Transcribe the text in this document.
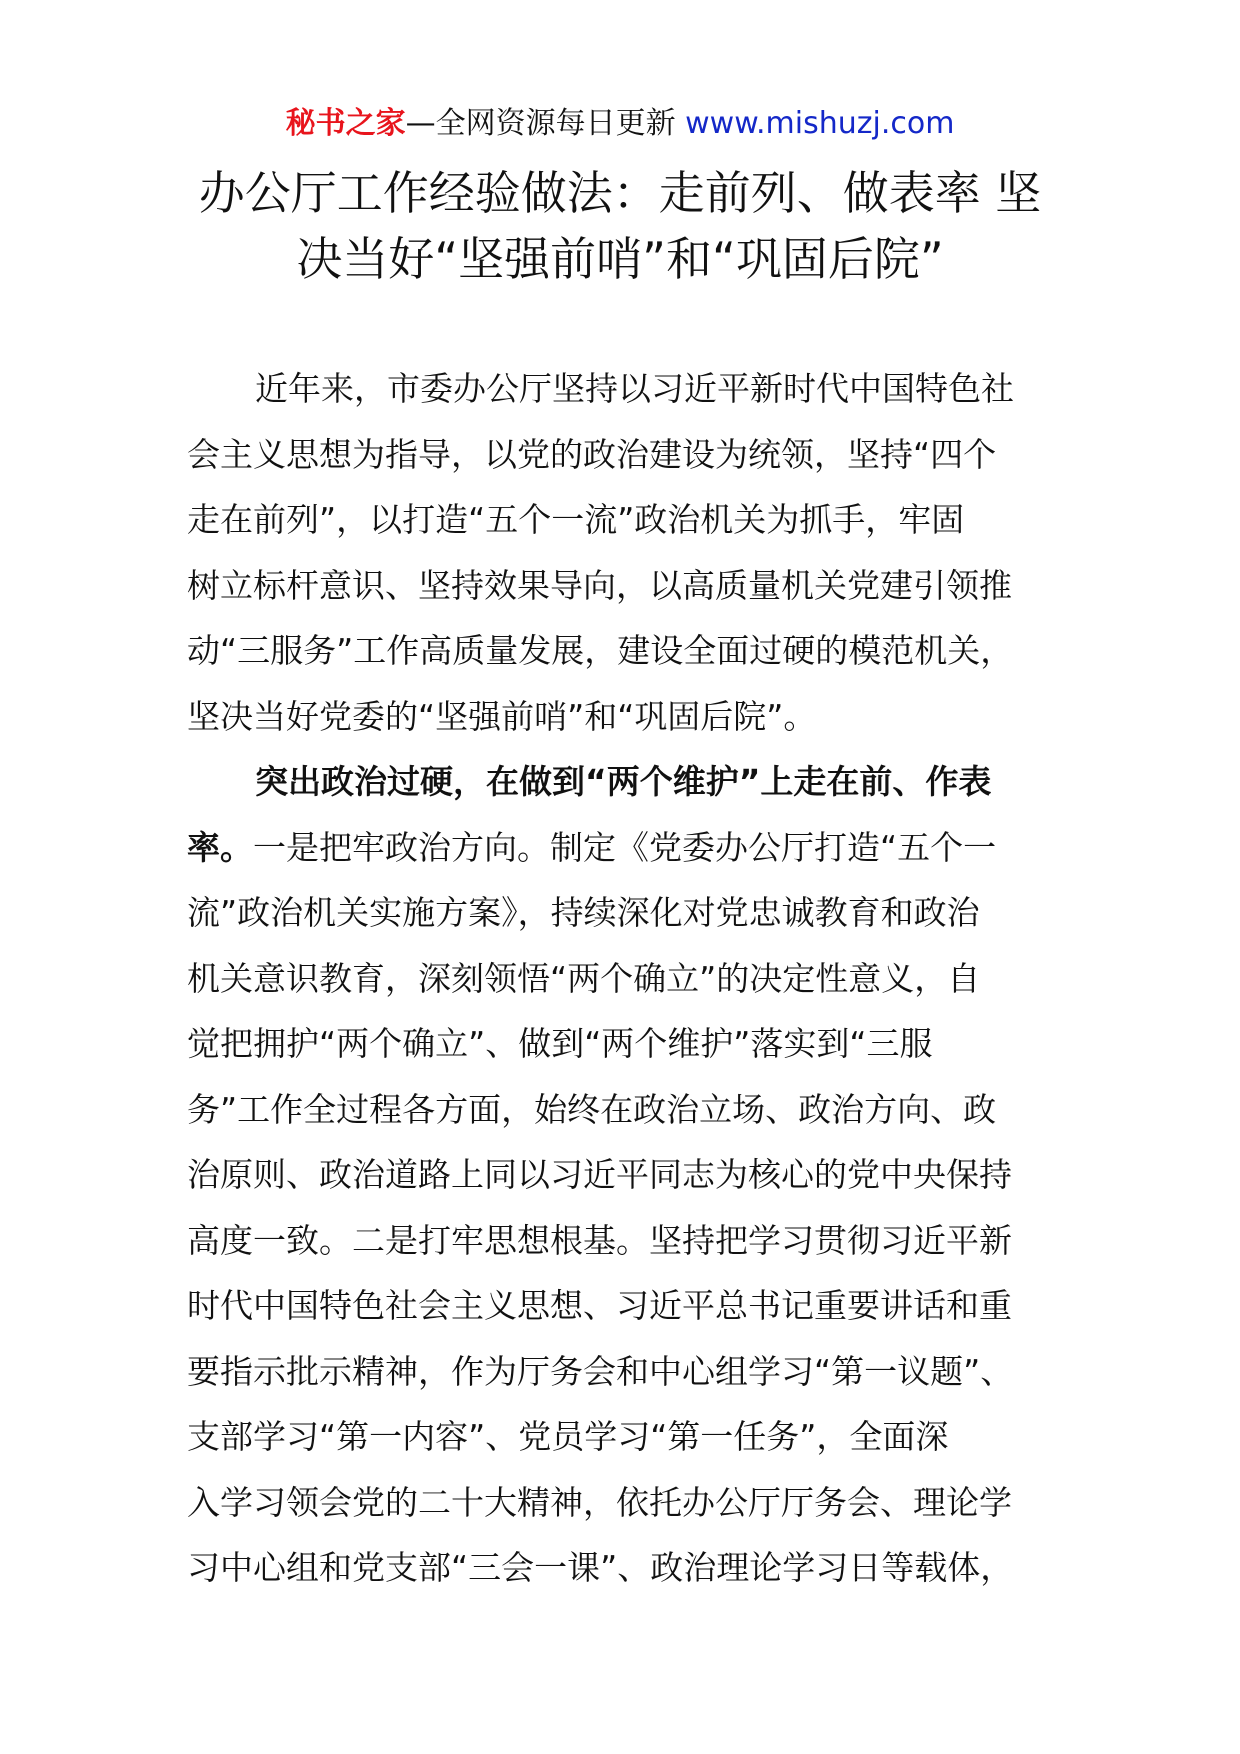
秘书之家—全网资源每日更新 www.mishuzj.com
办公厅工作经验做法：走前列、做表率 坚
决当好“坚强前哨”和“巩固后院”
近年来，市委办公厅坚持以习近平新时代中国特色社
会主义思想为指导，以党的政治建设为统领，坚持“四个
走在前列”，以打造“五个一流”政治机关为抓手，牢固
树立标杆意识、坚持效果导向，以高质量机关党建引领推
动“三服务”工作高质量发展，建设全面过硬的模范机关，
坚决当好党委的“坚强前哨”和“巩固后院”。
突出政治过硬，在做到“两个维护”上走在前、作表
率。一是把牢政治方向。制定《党委办公厅打造“五个一
流”政治机关实施方案》，持续深化对党忠诚教育和政治
机关意识教育，深刻领悟“两个确立”的决定性意义，自
觉把拥护“两个确立”、做到“两个维护”落实到“三服
务”工作全过程各方面，始终在政治立场、政治方向、政
治原则、政治道路上同以习近平同志为核心的党中央保持
高度一致。二是打牢思想根基。坚持把学习贯彻习近平新
时代中国特色社会主义思想、习近平总书记重要讲话和重
要指示批示精神，作为厅务会和中心组学习“第一议题”、
支部学习“第一内容”、党员学习“第一任务”，全面深
入学习领会党的二十大精神，依托办公厅厅务会、理论学
习中心组和党支部“三会一课”、政治理论学习日等载体，
